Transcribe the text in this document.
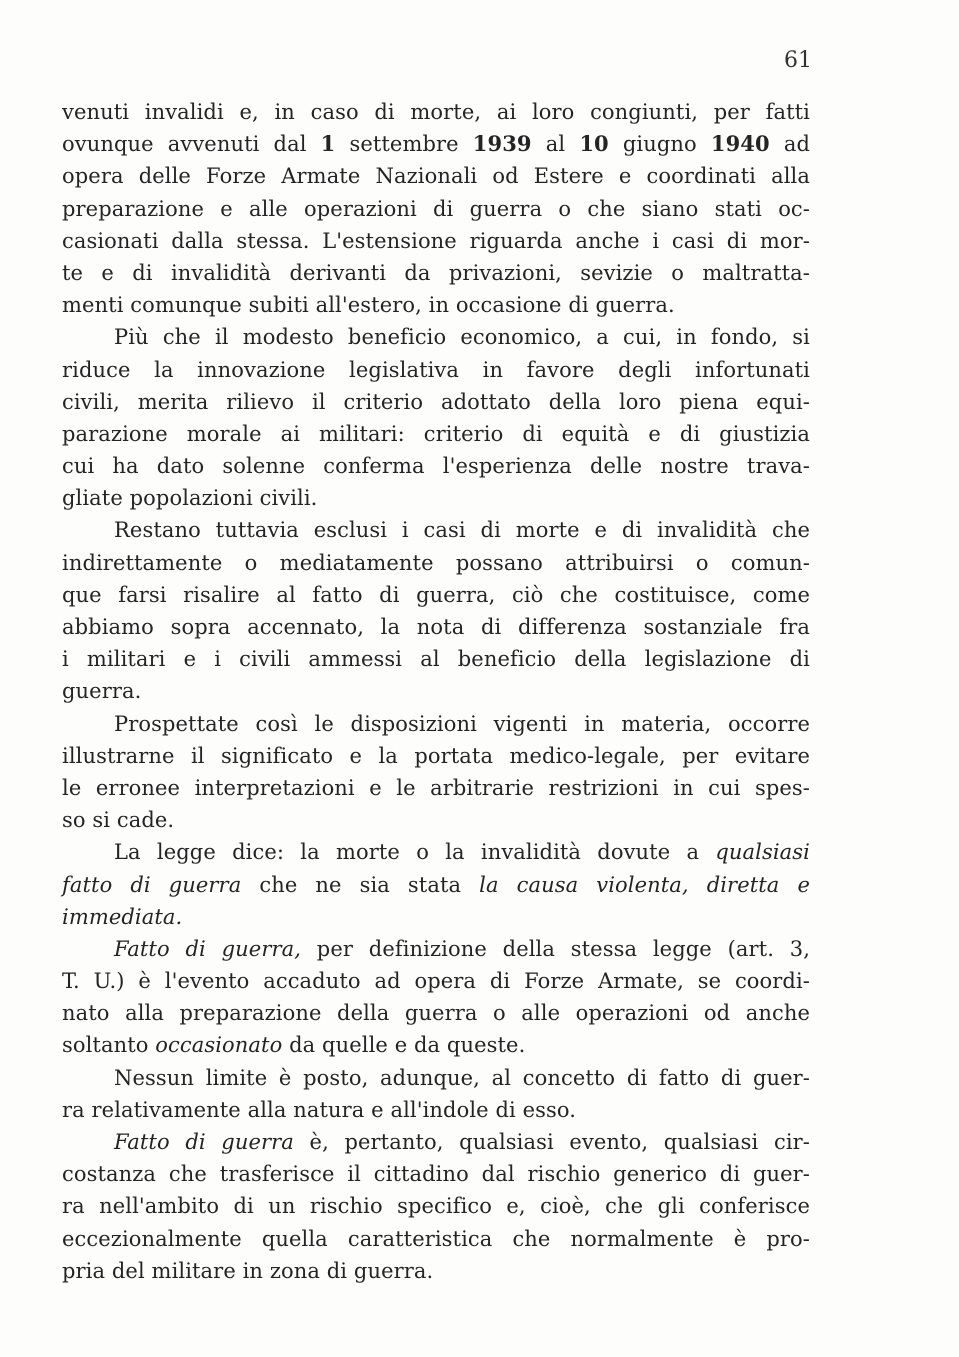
61
venuti invalidi e, in caso di morte, ai loro congiunti, per fatti
ovunque avvenuti dal 1 settembre 1939 al 10 giugno 1940 ad
opera delle Forze Armate Nazionali od Estere e coordinati alla
preparazione e alle operazioni di guerra o che siano stati oc-
casionati dalla stessa. L'estensione riguarda anche i casi di mor-
te e di invalidità derivanti da privazioni, sevizie o maltratta-
menti comunque subiti all'estero, in occasione di guerra.
Più che il modesto beneficio economico, a cui, in fondo, si
riduce la innovazione legislativa in favore degli infortunati
civili, merita rilievo il criterio adottato della loro piena equi-
parazione morale ai militari: criterio di equità e di giustizia
cui ha dato solenne conferma l'esperienza delle nostre trava-
gliate popolazioni civili.
Restano tuttavia esclusi i casi di morte e di invalidità che
indirettamente o mediatamente possano attribuirsi o comun-
que farsi risalire al fatto di guerra, ciò che costituisce, come
abbiamo sopra accennato, la nota di differenza sostanziale fra
i militari e i civili ammessi al beneficio della legislazione di
guerra.
Prospettate così le disposizioni vigenti in materia, occorre
illustrarne il significato e la portata medico-legale, per evitare
le erronee interpretazioni e le arbitrarie restrizioni in cui spes-
so si cade.
La legge dice: la morte o la invalidità dovute a qualsiasi
fatto di guerra che ne sia stata la causa violenta, diretta e
immediata.
Fatto di guerra, per definizione della stessa legge (art. 3,
T. U.) è l'evento accaduto ad opera di Forze Armate, se coordi-
nato alla preparazione della guerra o alle operazioni od anche
soltanto occasionato da quelle e da queste.
Nessun limite è posto, adunque, al concetto di fatto di guer-
ra relativamente alla natura e all'indole di esso.
Fatto di guerra è, pertanto, qualsiasi evento, qualsiasi cir-
costanza che trasferisce il cittadino dal rischio generico di guer-
ra nell'ambito di un rischio specifico e, cioè, che gli conferisce
eccezionalmente quella caratteristica che normalmente è pro-
pria del militare in zona di guerra.
